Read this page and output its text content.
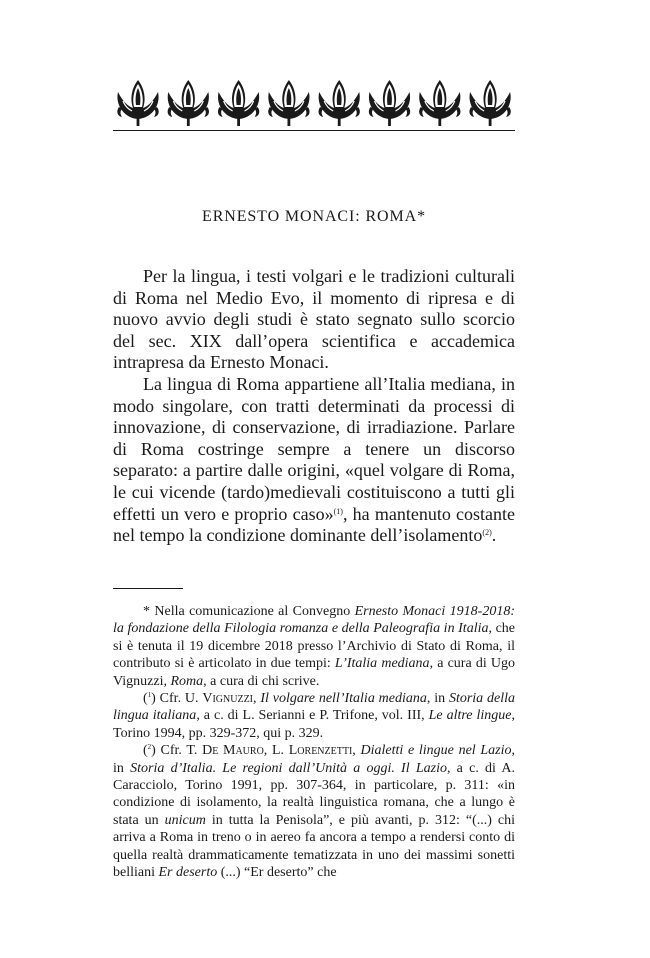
ERNESTO MONACI: ROMA*

Per la lingua, i testi volgari e le tradizioni culturali di Roma nel Medio Evo, il momento di ripresa e di nuovo avvio degli studi è stato segnato sullo scorcio del sec. XIX dall’opera scientifica e accademica intrapresa da Ernesto Monaci.

La lingua di Roma appartiene all’Italia mediana, in modo singolare, con tratti determinati da processi di innovazione, di conservazione, di irradiazione. Parlare di Roma costringe sempre a tenere un discorso separato: a partire dalle origini, «quel volgare di Roma, le cui vicende (tardo)medievali costituiscono a tutti gli effetti un vero e proprio caso»$^{(1)}$, ha mantenuto costante nel tempo la condizione dominante dell’isolamento$^{(2)}$.

* Nella comunicazione al Convegno Ernesto Monaci 1918-2018: la fondazione della Filologia romanza e della Paleografia in Italia, che si è tenuta il 19 dicembre 2018 presso l’Archivio di Stato di Roma, il contributo si è articolato in due tempi: L’Italia mediana, a cura di Ugo Vignuzzi, Roma, a cura di chi scrive.

($^1$) Cfr. U. Vignuzzi, Il volgare nell’Italia mediana, in Storia della lingua italiana, a c. di L. Serianni e P. Trifone, vol. III, Le altre lingue, Torino 1994, pp. 329-372, qui p. 329.

($^2$) Cfr. T. De Mauro, L. Lorenzetti, Dialetti e lingue nel Lazio, in Storia d’Italia. Le regioni dall’Unità a oggi. Il Lazio, a c. di A. Caracciolo, Torino 1991, pp. 307-364, in particolare, p. 311: «in condizione di isolamento, la realtà linguistica romana, che a lungo è stata un unicum in tutta la Penisola”, e più avanti, p. 312: “(...) chi arriva a Roma in treno o in aereo fa ancora a tempo a rendersi conto di quella realtà drammaticamente tematizzata in uno dei massimi sonetti belliani Er deserto (...) “Er deserto” che
